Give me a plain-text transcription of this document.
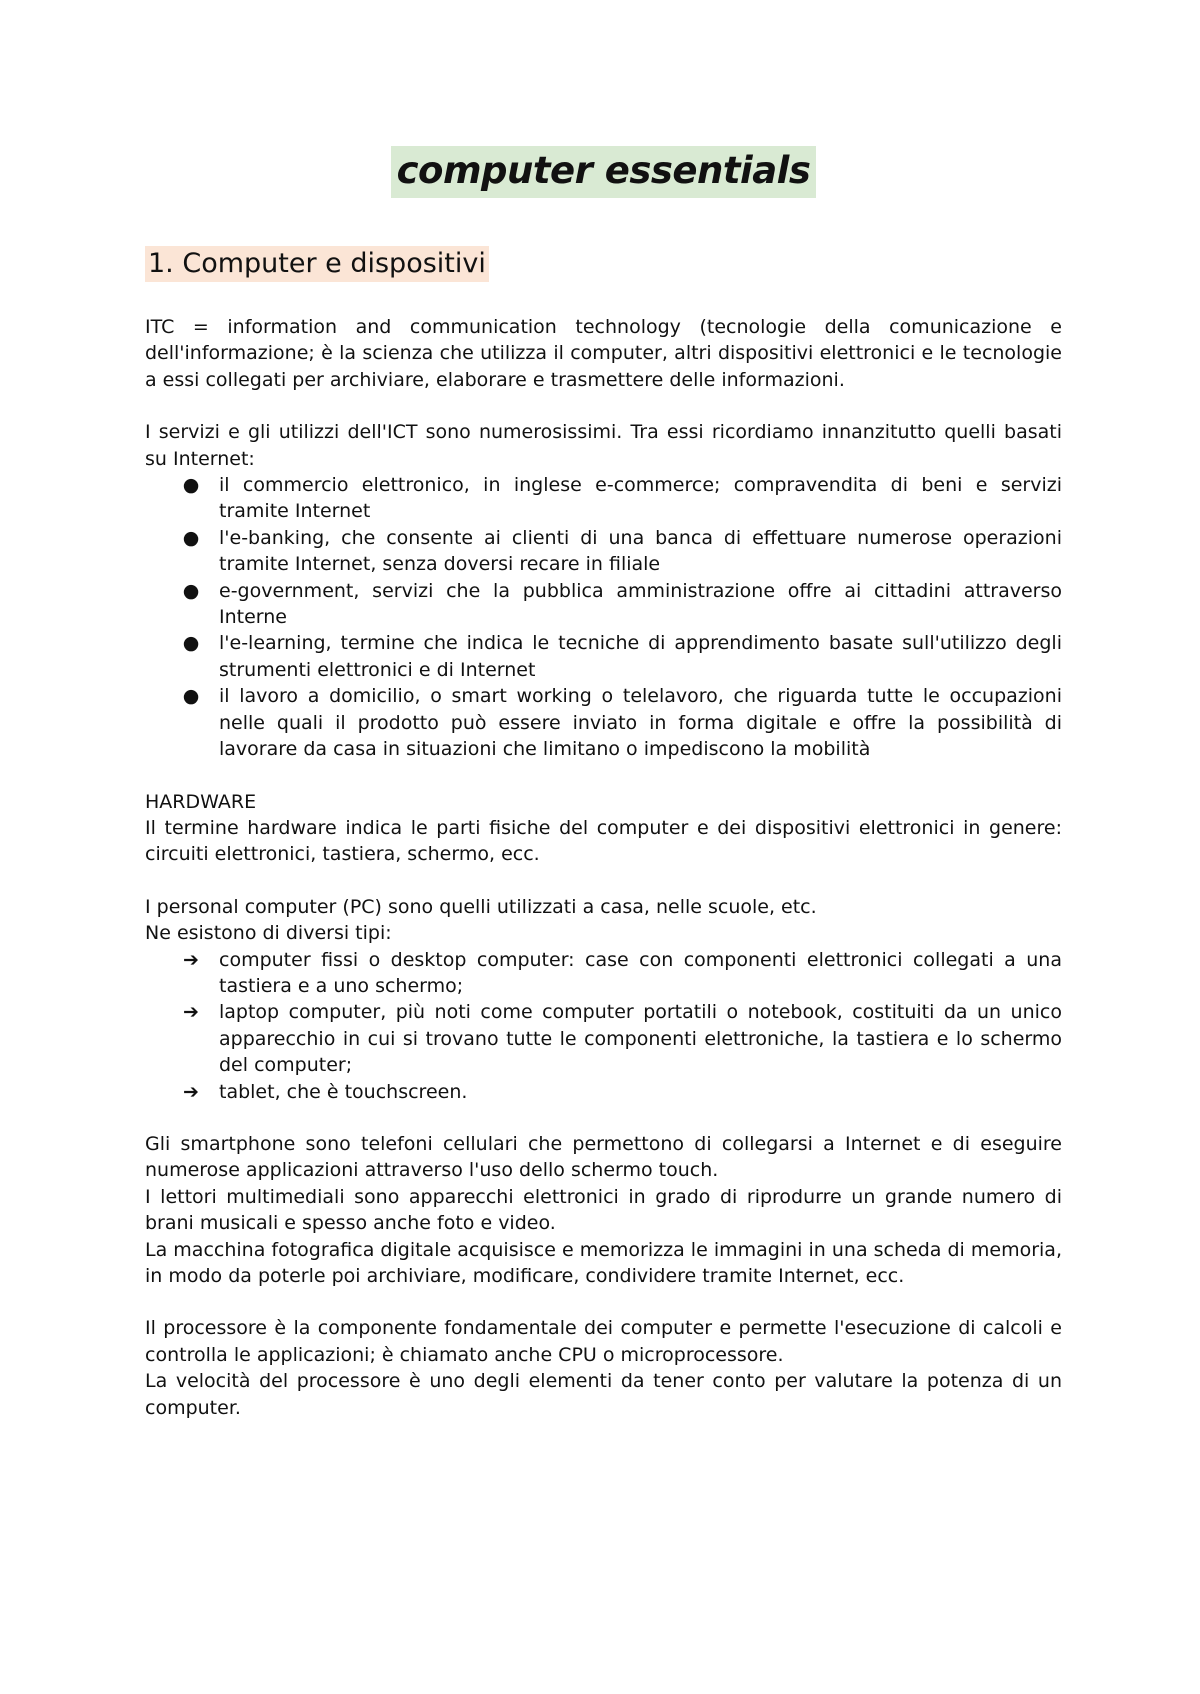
computer essentials
1. Computer e dispositivi

ITC = information and communication technology (tecnologie della comunicazione e dell'informazione; è la scienza che utilizza il computer, altri dispositivi elettronici e le tecnologie a essi collegati per archiviare, elaborare e trasmettere delle informazioni.

I servizi e gli utilizzi dell'ICT sono numerosissimi. Tra essi ricordiamo innanzitutto quelli basati su Internet:

● il commercio elettronico, in inglese e-commerce; compravendita di beni e servizi tramite Internet
● l'e-banking, che consente ai clienti di una banca di effettuare numerose operazioni tramite Internet, senza doversi recare in filiale
● e-government, servizi che la pubblica amministrazione offre ai cittadini attraverso Interne
● l'e-learning, termine che indica le tecniche di apprendimento basate sull'utilizzo degli strumenti elettronici e di Internet
● il lavoro a domicilio, o smart working o telelavoro, che riguarda tutte le occupazioni nelle quali il prodotto può essere inviato in forma digitale e offre la possibilità di lavorare da casa in situazioni che limitano o impediscono la mobilità

HARDWARE

Il termine hardware indica le parti fisiche del computer e dei dispositivi elettronici in genere: circuiti elettronici, tastiera, schermo, ecc.

I personal computer (PC) sono quelli utilizzati a casa, nelle scuole, etc.

Ne esistono di diversi tipi:

➔ computer fissi o desktop computer: case con componenti elettronici collegati a una tastiera e a uno schermo;
➔ laptop computer, più noti come computer portatili o notebook, costituiti da un unico apparecchio in cui si trovano tutte le componenti elettroniche, la tastiera e lo schermo del computer;
➔ tablet, che è touchscreen.

Gli smartphone sono telefoni cellulari che permettono di collegarsi a Internet e di eseguire numerose applicazioni attraverso l'uso dello schermo touch.

I lettori multimediali sono apparecchi elettronici in grado di riprodurre un grande numero di brani musicali e spesso anche foto e video.

La macchina fotografica digitale acquisisce e memorizza le immagini in una scheda di memoria, in modo da poterle poi archiviare, modificare, condividere tramite Internet, ecc.

Il processore è la componente fondamentale dei computer e permette l'esecuzione di calcoli e controlla le applicazioni; è chiamato anche CPU o microprocessore.

La velocità del processore è uno degli elementi da tener conto per valutare la potenza di un computer.
